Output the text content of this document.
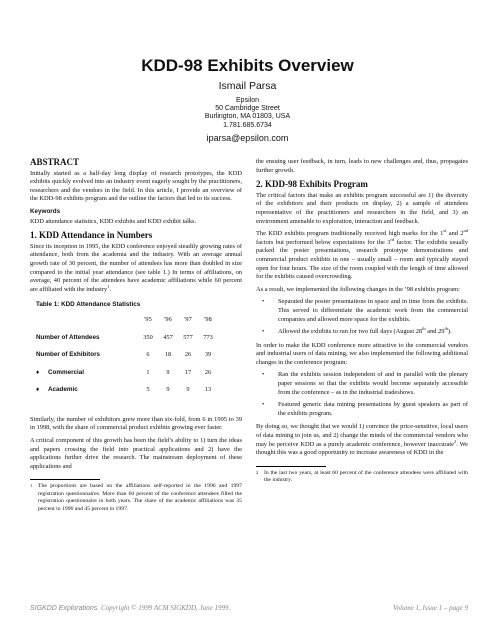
KDD-98 Exhibits Overview
Ismail Parsa
Epsilon
50 Cambridge Street
Burlington, MA 01803, USA
1.781.685.6734
iparsa@epsilon.com
ABSTRACT

Initially started as a half-day long display of research prototypes, the KDD exhibits quickly evolved into an industry event eagerly sought by the practitioners, researchers and the vendors in the field. In this article, I provide an overview of the KDD-98 exhibits program and the outline the factors that led to its success.

Keywords

KDD attendance statistics, KDD exhibits and KDD exhibit talks.

1. KDD Attendance in Numbers

Since its inception in 1995, the KDD conference enjoyed steadily growing rates of attendance, both from the academia and the industry. With an average annual growth rate of 30 percent, the number of attendees has more than doubled in size compared to the initial year attendance (see table 1.) In terms of affiliations, on average, 40 percent of the attendees have academic affiliations while 60 percent are affiliated with the industry$^1$.

Table 1: KDD Attendance Statistics
	'95	'96	'97	'98
Number of Attendees	350	457	577	773
Number of Exhibitors	6	18	26	39
♦ Commercial	1	9	17	26
♦ Academic	5	9	9	13

Similarly, the number of exhibitors grew more than six-fold, from 6 in 1995 to 39 in 1998, with the share of commercial product exhibits growing ever faster.

A critical component of this growth has been the field’s ability to 1) turn the ideas and papers crossing the field into practical applications and 2) have the applications further drive the research. The mainstream deployment of these applications and

1 The proportions are based on the affiliations self-reported in the 1996 and 1997 registration questionnaires. More than 60 percent of the conference attendees filled the registration questionnaire in both years. The share of the academic affiliations was 35 percent in 1996 and 45 percent in 1997.

the ensuing user feedback, in turn, leads to new challenges and, thus, propagates further growth.

2. KDD-98 Exhibits Program

The critical factors that make an exhibits program successful are 1) the diversity of the exhibitors and their products on display, 2) a sample of attendees representative of the practitioners and researchers in the field, and 3) an environment amenable to exploration, interaction and feedback.

The KDD exhibits program traditionally received high marks for the 1st and 2nd factors but performed below expectations for the 3rd factor. The exhibits usually packed the poster presentations, research prototype demonstrations and commercial product exhibits in one – usually small – room and typically stayed open for four hours. The size of the room coupled with the length of time allowed for the exhibits caused overcrowding.

As a result, we implemented the following changes in the ’98 exhibits program:

• Separated the poster presentations in space and in time from the exhibits. This served to differentiate the academic work from the commercial companies and allowed more space for the exhibits.
• Allowed the exhibits to run for two full days (August 28th and 29th).

In order to make the KDD conference more attractive to the commercial vendors and industrial users of data mining, we also implemented the following additional changes in the conference program:

• Ran the exhibits session independent of and in parallel with the plenary paper sessions so that the exhibits would become separately accessible from the conference – as in the industrial tradeshows.
• Featured generic data mining presentations by guest speakers as part of the exhibits program.

By doing so, we thought that we would 1) convince the price-sensitive, local users of data mining to join us, and 2) change the minds of the commercial vendors who may be perceive KDD as a purely academic conference, however inaccurate$^2$. We thought this was a good opportunity to increase awareness of KDD in the

2 In the last two years, at least 60 percent of the conference attendees were affiliated with the industry.
SIGKDD Explorations. Copyright © 1999 ACM SIGKDD, June 1999.	Volume 1, Issue 1 – page 9
